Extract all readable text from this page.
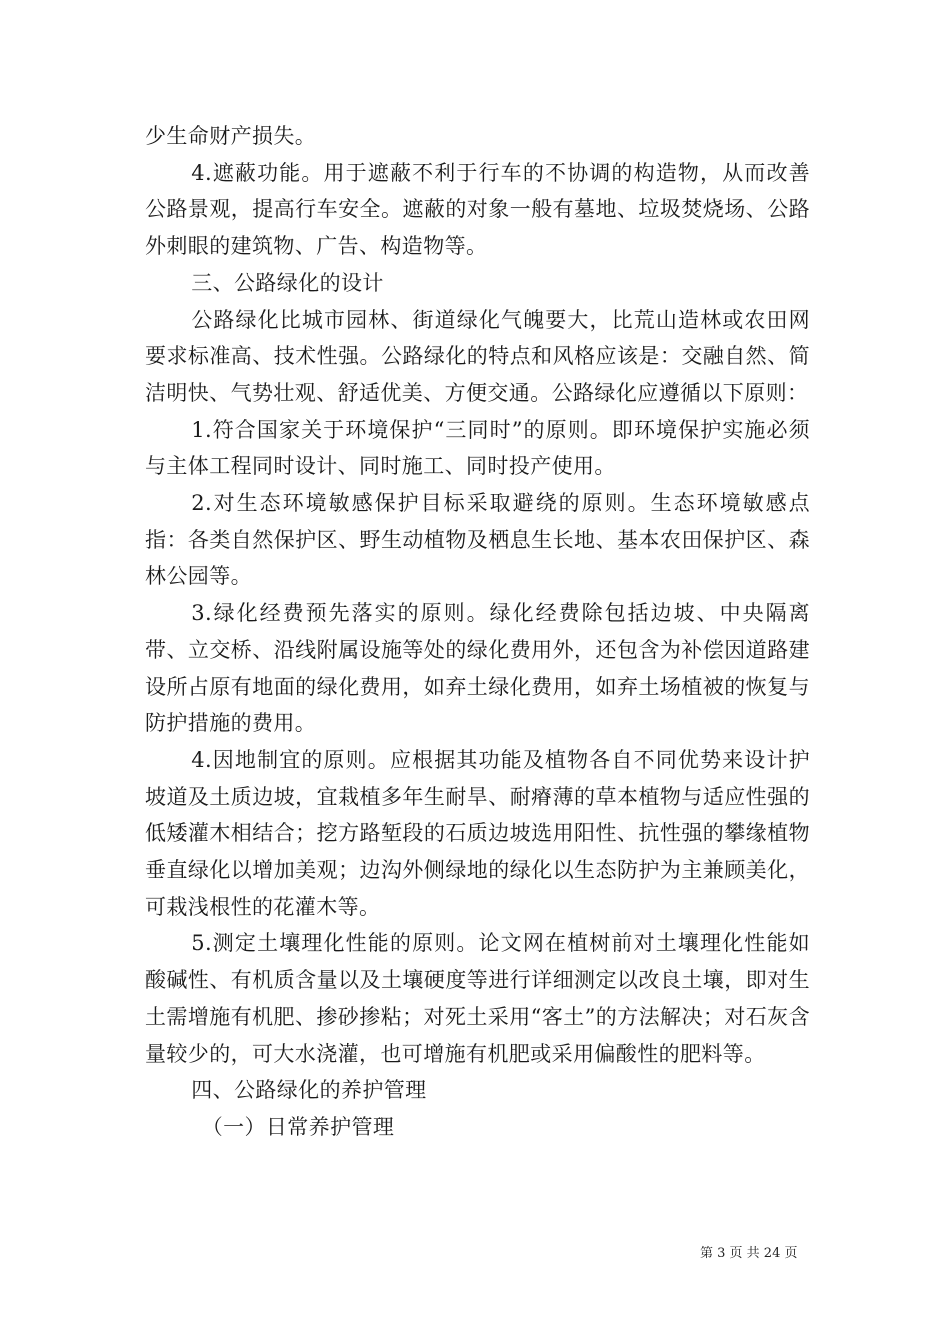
少生命财产损失。

4.遮蔽功能。用于遮蔽不利于行车的不协调的构造物，从而改善公路景观，提高行车安全。遮蔽的对象一般有墓地、垃圾焚烧场、公路外刺眼的建筑物、广告、构造物等。

三、公路绿化的设计

公路绿化比城市园林、街道绿化气魄要大，比荒山造林或农田网要求标准高、技术性强。公路绿化的特点和风格应该是：交融自然、简洁明快、气势壮观、舒适优美、方便交通。公路绿化应遵循以下原则：

1.符合国家关于环境保护“三同时”的原则。即环境保护实施必须与主体工程同时设计、同时施工、同时投产使用。

2.对生态环境敏感保护目标采取避绕的原则。生态环境敏感点指：各类自然保护区、野生动植物及栖息生长地、基本农田保护区、森林公园等。

3.绿化经费预先落实的原则。绿化经费除包括边坡、中央隔离带、立交桥、沿线附属设施等处的绿化费用外，还包含为补偿因道路建设所占原有地面的绿化费用，如弃土绿化费用，如弃土场植被的恢复与防护措施的费用。

4.因地制宜的原则。应根据其功能及植物各自不同优势来设计护坡道及土质边坡，宜栽植多年生耐旱、耐瘠薄的草本植物与适应性强的低矮灌木相结合；挖方路堑段的石质边坡选用阳性、抗性强的攀缘植物垂直绿化以增加美观；边沟外侧绿地的绿化以生态防护为主兼顾美化，可栽浅根性的花灌木等。

5.测定土壤理化性能的原则。论文网在植树前对土壤理化性能如酸碱性、有机质含量以及土壤硬度等进行详细测定以改良土壤，即对生土需增施有机肥、掺砂掺粘；对死土采用“客土”的方法解决；对石灰含量较少的，可大水浇灌，也可增施有机肥或采用偏酸性的肥料等。

四、公路绿化的养护管理

（一）日常养护管理

第 3 页 共 24 页
